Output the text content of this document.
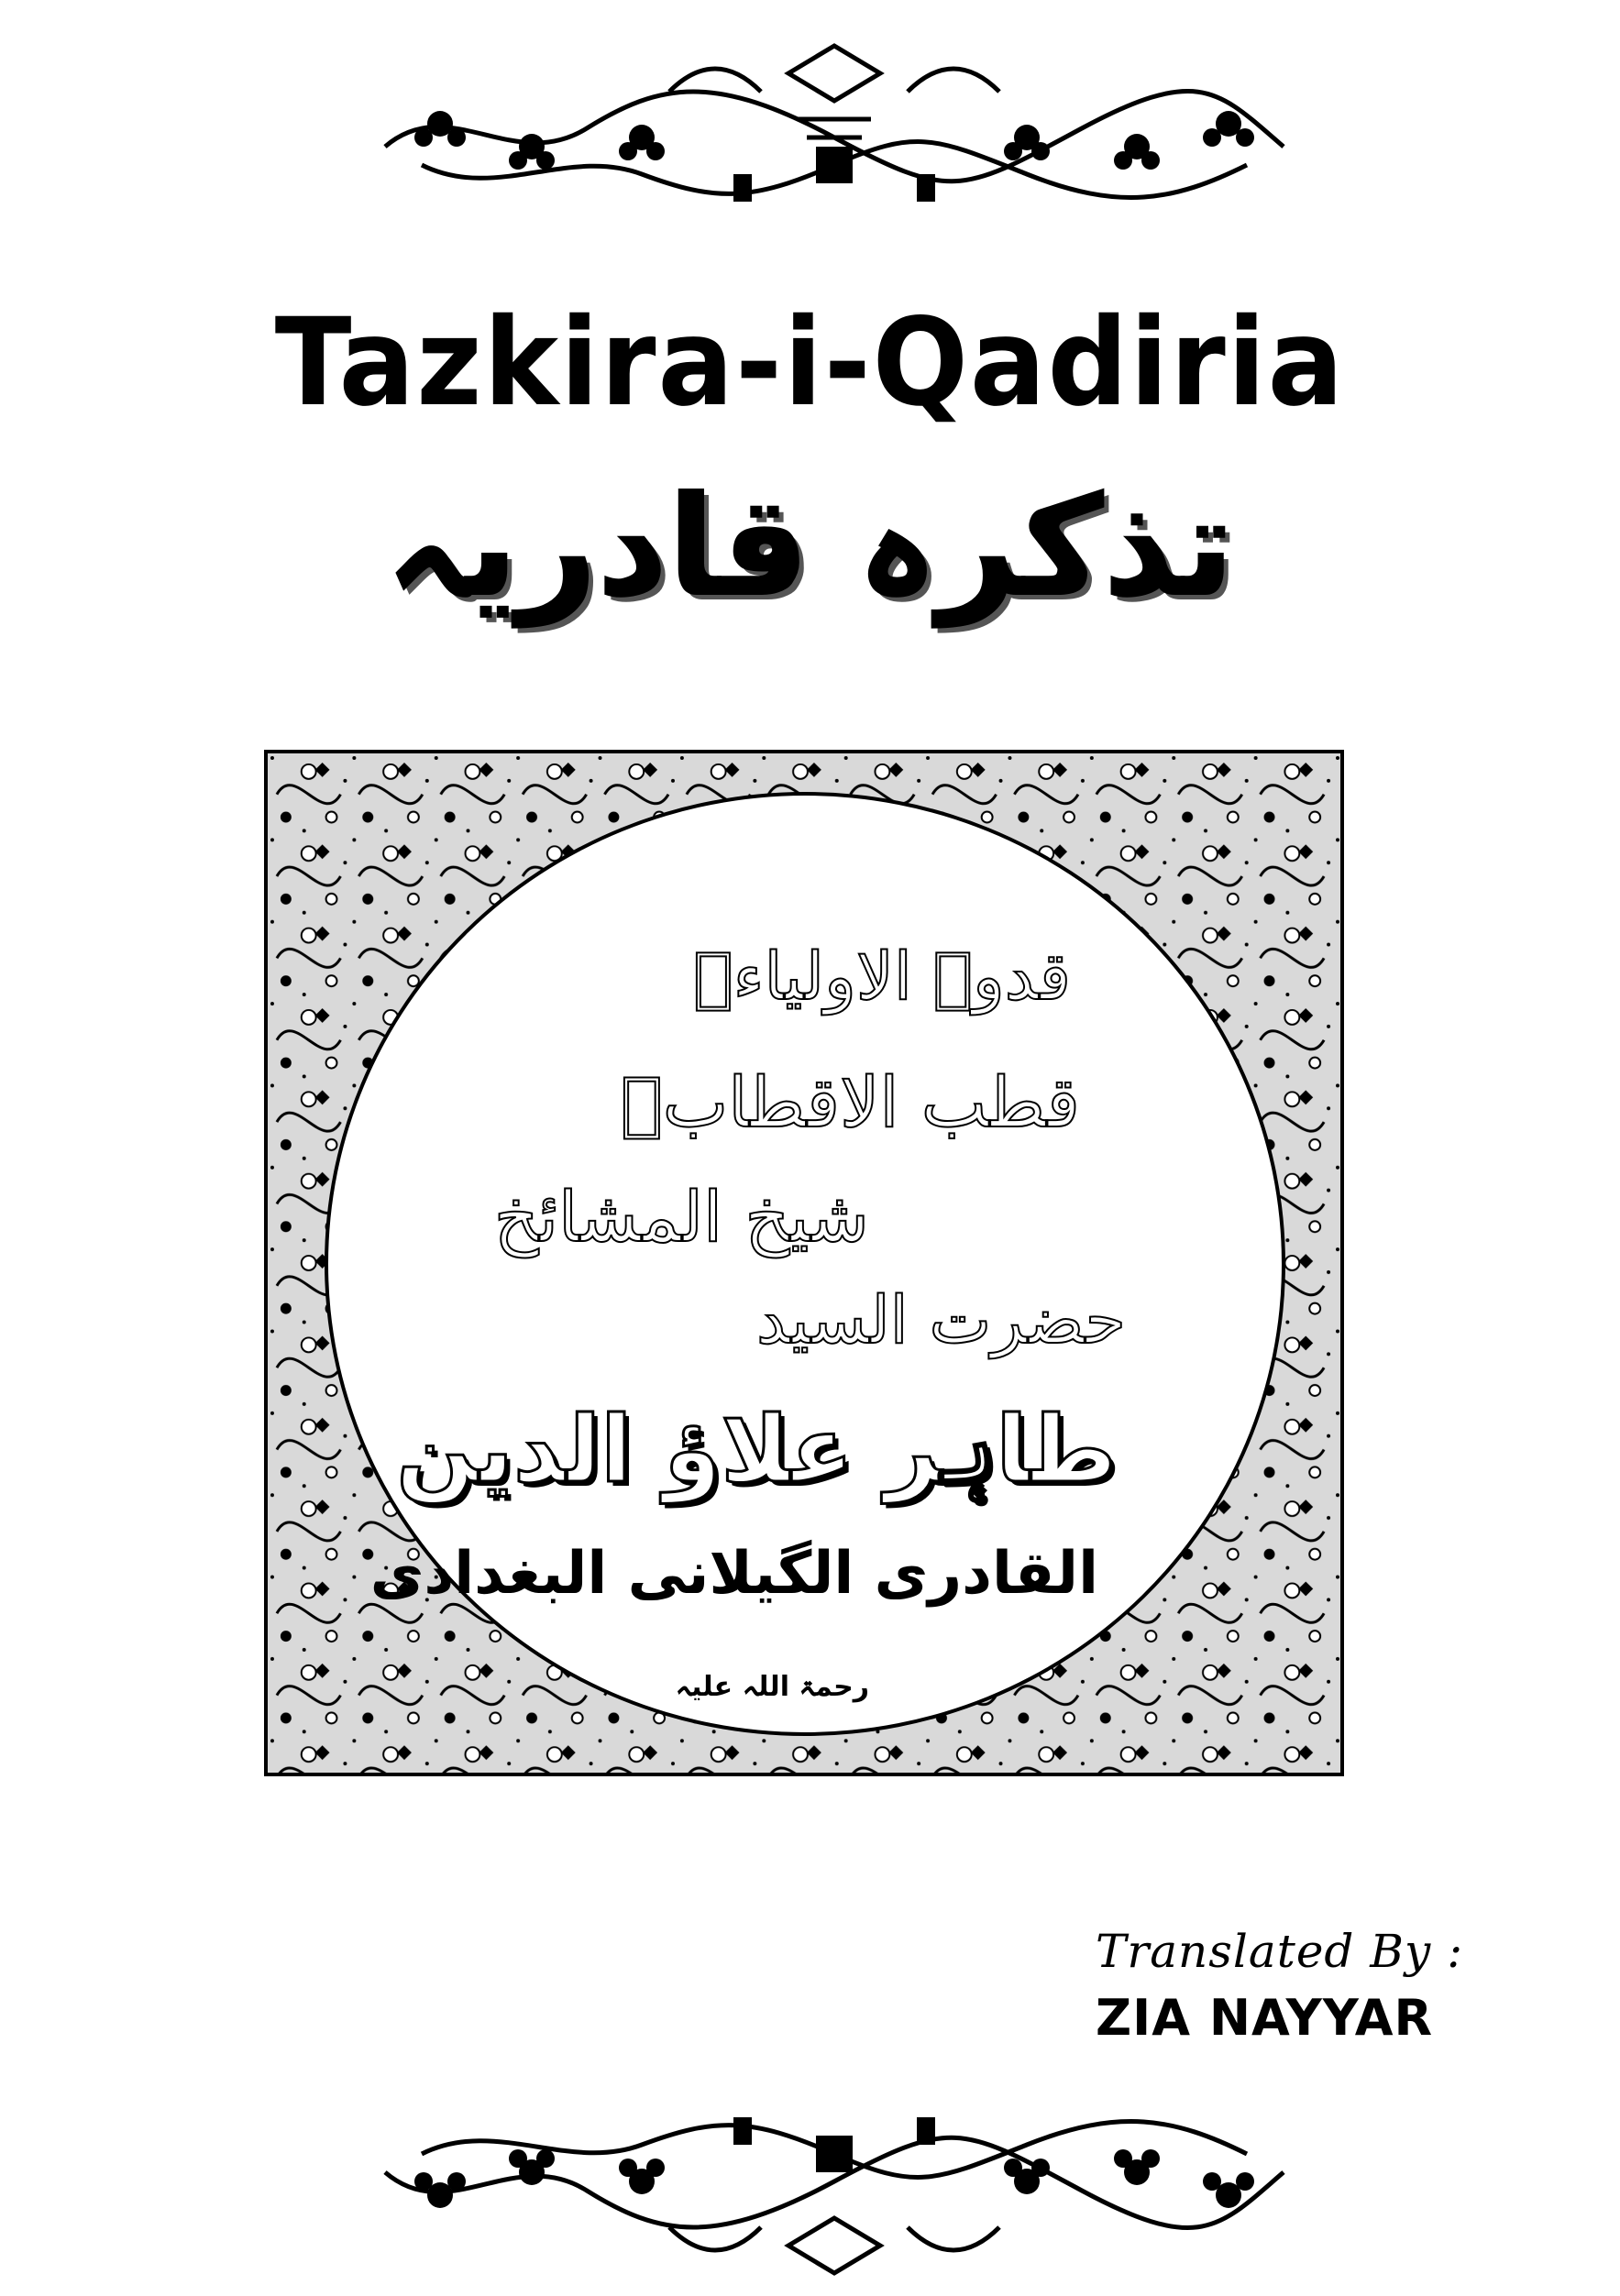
Tazkira-i-Qadiria
تذکرہ قادریہ
قدوۃ الاولیاءؒ
قطب الاقطابؒ
شیخ المشائخ
حضرت السید
طاہر علاؤ الدین
القادری الگیلانی البغدادی
رحمۃ اللہ علیہ
Translated By :
ZIA NAYYAR
